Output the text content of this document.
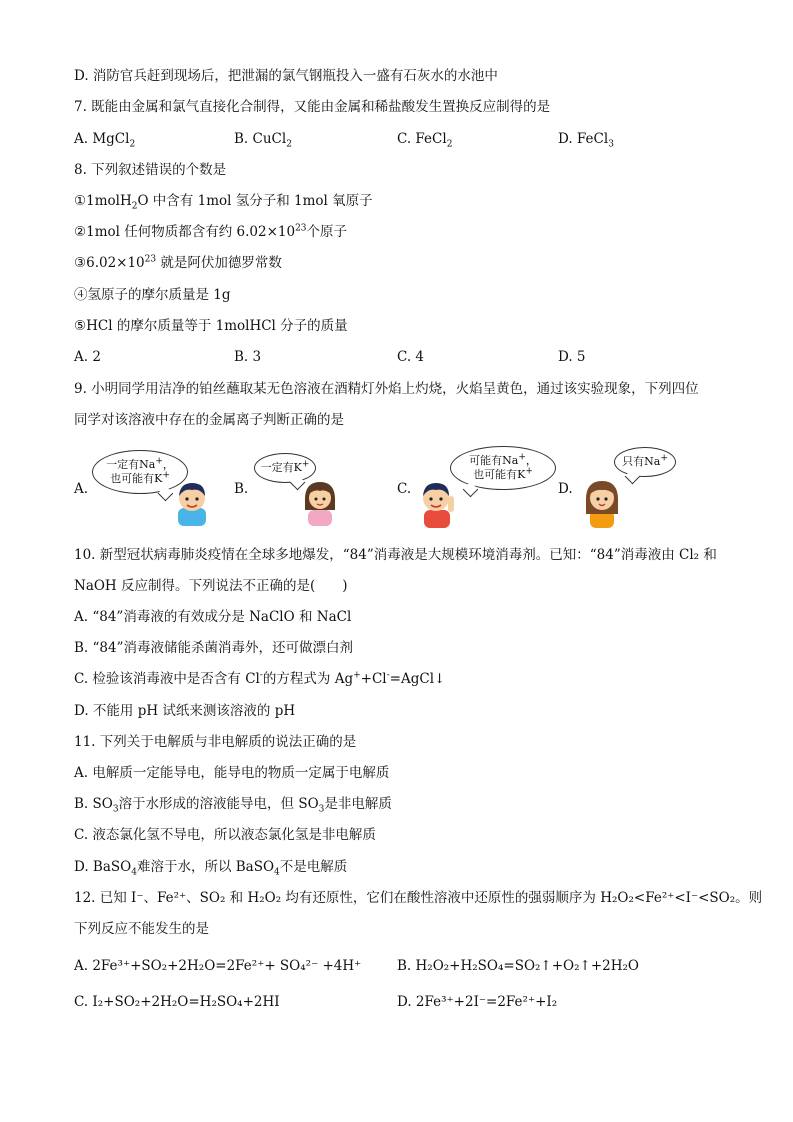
D. 消防官兵赶到现场后，把泄漏的氯气钢瓶投入一盛有石灰水的水池中
7. 既能由金属和氯气直接化合制得，又能由金属和稀盐酸发生置换反应制得的是
A. MgCl$_2$	B. CuCl$_2$	C. FeCl$_2$	D. FeCl$_3$
8. 下列叙述错误的个数是
①1molH$_2$O 中含有 1mol 氢分子和 1mol 氧原子
②1mol 任何物质都含有约 $6.02\times 10^{23}$个原子
$③6.02\times 10^{23}$ 就是阿伏加德罗常数
④氢原子的摩尔质量是 1g
⑤HCl 的摩尔质量等于 1molHCl 分子的质量
A. 2	B. 3	C. 4	D. 5
9. 小明同学用洁净的铂丝蘸取某无色溶液在酒精灯外焰上灼烧，火焰呈黄色，通过该实验现象，下列四位
同学对该溶液中存在的金属离子判断正确的是
A.	B.	C.	D.
一定有Na+，
也可能有K+
一定有K+	可能有Na+，
也可能有K+
只有Na+
10. 新型冠状病毒肺炎疫情在全球多地爆发，“84”消毒液是大规模环境消毒剂。已知：“84”消毒液由 Cl₂ 和
NaOH 反应制得。下列说法不正确的是(　　)
A. “84”消毒液的有效成分是 NaClO 和 NaCl
B. “84”消毒液储能杀菌消毒外，还可做漂白剂
C. 检验该消毒液中是否含有 Cl-的方程式为 Ag++Cl-=AgCl↓
D. 不能用 pH 试纸来测该溶液的 pH
11. 下列关于电解质与非电解质的说法正确的是
A. 电解质一定能导电，能导电的物质一定属于电解质
B. $SO_3$溶于水形成的溶液能导电，但 $SO_3$是非电解质
C. 液态氯化氢不导电，所以液态氯化氢是非电解质
D. BaSO$_4$难溶于水，所以 BaSO$_4$不是电解质
12. 已知 I⁻、Fe²⁺、SO₂ 和 H₂O₂ 均有还原性，它们在酸性溶液中还原性的强弱顺序为 H₂O₂<Fe²⁺<I⁻<SO₂。则
下列反应不能发生的是
A. 2Fe³⁺+SO₂+2H₂O=2Fe²⁺+ SO₄²⁻ +4H⁺	B. H₂O₂+H₂SO₄=SO₂↑+O₂↑+2H₂O
C. I₂+SO₂+2H₂O=H₂SO₄+2HI	D. 2Fe³⁺+2I⁻=2Fe²⁺+I₂
